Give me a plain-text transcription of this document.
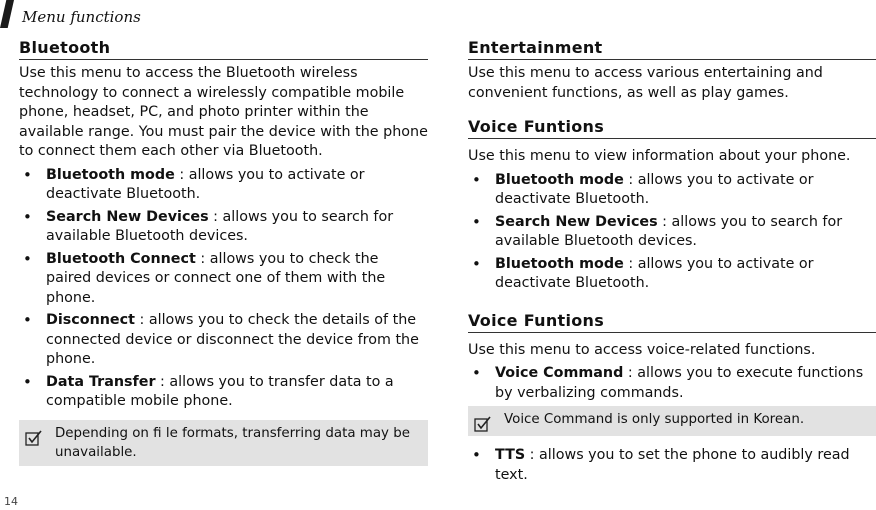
Menu functions
14
Bluetooth

Use this menu to access the Bluetooth wireless technology to connect a wirelessly compatible mobile phone, headset, PC, and photo printer within the available range. You must pair the device with the phone to connect them each other via Bluetooth.

• Bluetooth mode : allows you to activate or deactivate Bluetooth.
• Search New Devices : allows you to search for available Bluetooth devices.
• Bluetooth Connect : allows you to check the paired devices or connect one of them with the phone.
• Disconnect : allows you to check the details of the connected device or disconnect the device from the phone.
• Data Transfer : allows you to transfer data to a compatible mobile phone.
Depending on fi le formats, transferring data may be unavailable.
Entertainment

Use this menu to access various entertaining and convenient functions, as well as play games.

Voice Funtions

Use this menu to view information about your phone.

• Bluetooth mode : allows you to activate or deactivate Bluetooth.
• Search New Devices : allows you to search for available Bluetooth devices.
• Bluetooth mode : allows you to activate or deactivate Bluetooth.
Voice Funtions

Use this menu to access voice-related functions.

• Voice Command : allows you to execute functions by verbalizing commands.
Voice Command is only supported in Korean.
• TTS : allows you to set the phone to audibly read text.
